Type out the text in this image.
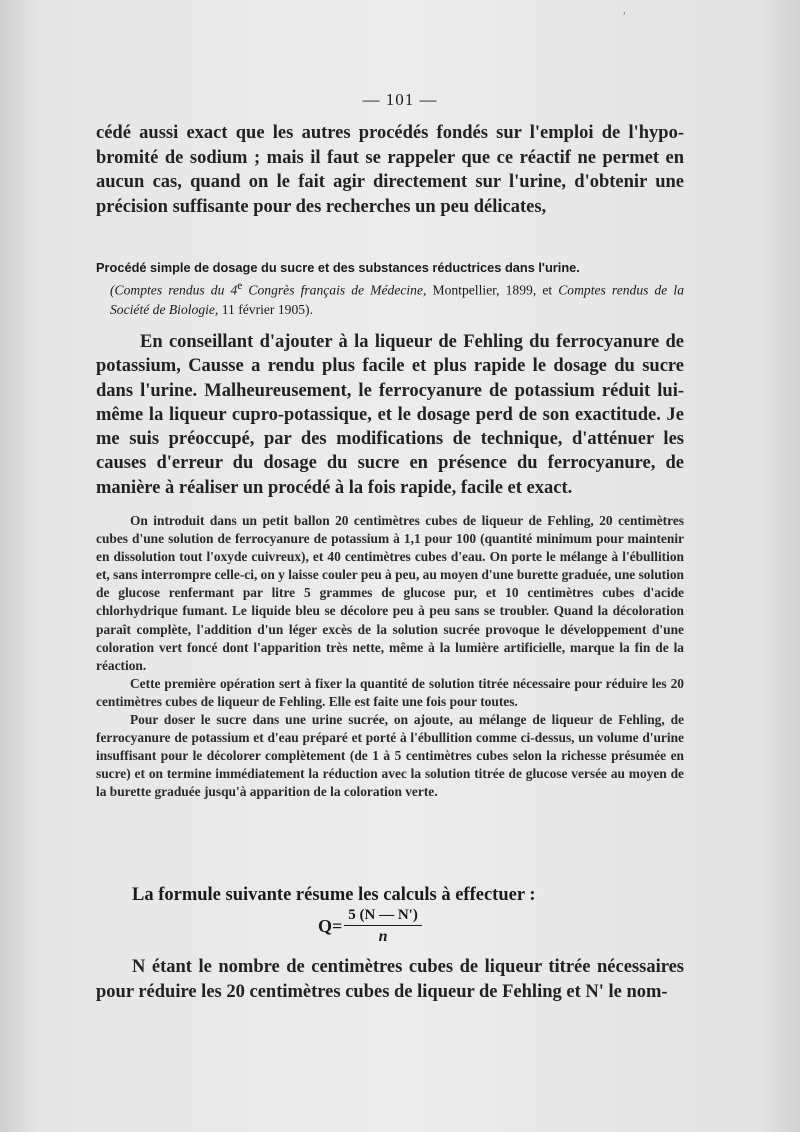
˒
— 101 —

cédé aussi exact que les autres procédés fondés sur l'emploi de l'hypobromité de sodium ; mais il faut se rappeler que ce réactif ne permet en aucun cas, quand on le fait agir directement sur l'urine, d'obtenir une précision suffisante pour des recherches un peu délicates,

Procédé simple de dosage du sucre et des substances réductrices dans l'urine.

(Comptes rendus du 4e Congrès français de Médecine, Montpellier, 1899, et Comptes rendus de la Société de Biologie, 11 février 1905).

En conseillant d'ajouter à la liqueur de Fehling du ferrocyanure de potassium, Causse a rendu plus facile et plus rapide le dosage du sucre dans l'urine. Malheureusement, le ferrocyanure de potassium réduit lui-même la liqueur cupro-potassique, et le dosage perd de son exactitude. Je me suis préoccupé, par des modifications de technique, d'atténuer les causes d'erreur du dosage du sucre en présence du ferrocyanure, de manière à réaliser un procédé à la fois rapide, facile et exact.

On introduit dans un petit ballon 20 centimètres cubes de liqueur de Fehling, 20 centimètres cubes d'une solution de ferrocyanure de potassium à 1,1 pour 100 (quantité minimum pour maintenir en dissolution tout l'oxyde cuivreux), et 40 centimètres cubes d'eau. On porte le mélange à l'ébullition et, sans interrompre celle-ci, on y laisse couler peu à peu, au moyen d'une burette graduée, une solution de glucose renfermant par litre 5 grammes de glucose pur, et 10 centimètres cubes d'acide chlorhydrique fumant. Le liquide bleu se décolore peu à peu sans se troubler. Quand la décoloration paraît complète, l'addition d'un léger excès de la solution sucrée provoque le développement d'une coloration vert foncé dont l'apparition très nette, même à la lumière artificielle, marque la fin de la réaction.

Cette première opération sert à fixer la quantité de solution titrée nécessaire pour réduire les 20 centimètres cubes de liqueur de Fehling. Elle est faite une fois pour toutes.

Pour doser le sucre dans une urine sucrée, on ajoute, au mélange de liqueur de Fehling, de ferrocyanure de potassium et d'eau préparé et porté à l'ébullition comme ci-dessus, un volume d'urine insuffisant pour le décolorer complètement (de 1 à 5 centimètres cubes selon la richesse présumée en sucre) et on termine immédiatement la réduction avec la solution titrée de glucose versée au moyen de la burette graduée jusqu'à apparition de la coloration verte.

La formule suivante résume les calculs à effectuer :
$Q= \frac{5 (N — N')}{n}$

N étant le nombre de centimètres cubes de liqueur titrée nécessaires pour réduire les 20 centimètres cubes de liqueur de Fehling et N' le nom-
